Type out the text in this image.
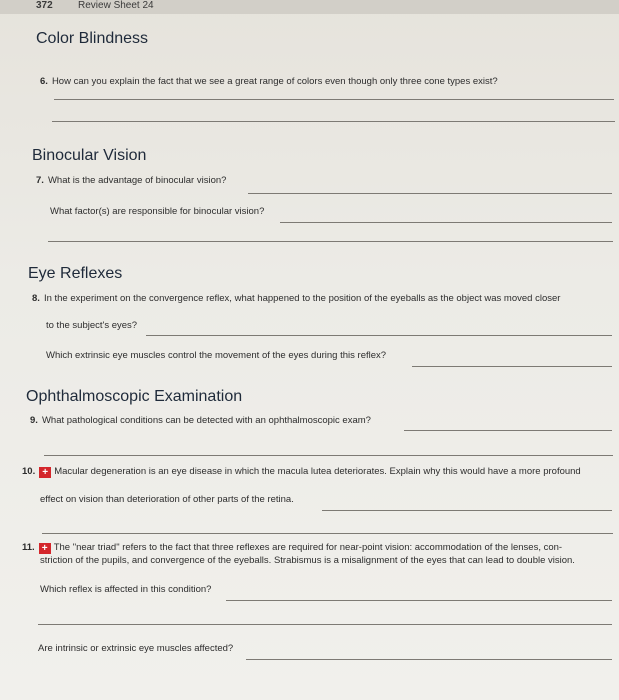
372	Review Sheet 24
Color Blindness
6. How can you explain the fact that we see a great range of colors even though only three cone types exist?
Binocular Vision
7. What is the advantage of binocular vision?
What factor(s) are responsible for binocular vision?
Eye Reflexes
8. In the experiment on the convergence reflex, what happened to the position of the eyeballs as the object was moved closer
to the subject's eyes?
Which extrinsic eye muscles control the movement of the eyes during this reflex?
Ophthalmoscopic Examination
9. What pathological conditions can be detected with an ophthalmoscopic exam?
10. + Macular degeneration is an eye disease in which the macula lutea deteriorates. Explain why this would have a more profound
effect on vision than deterioration of other parts of the retina.
11. + The "near triad" refers to the fact that three reflexes are required for near-point vision: accommodation of the lenses, con-
striction of the pupils, and convergence of the eyeballs. Strabismus is a misalignment of the eyes that can lead to double vision.
Which reflex is affected in this condition?
Are intrinsic or extrinsic eye muscles affected?
